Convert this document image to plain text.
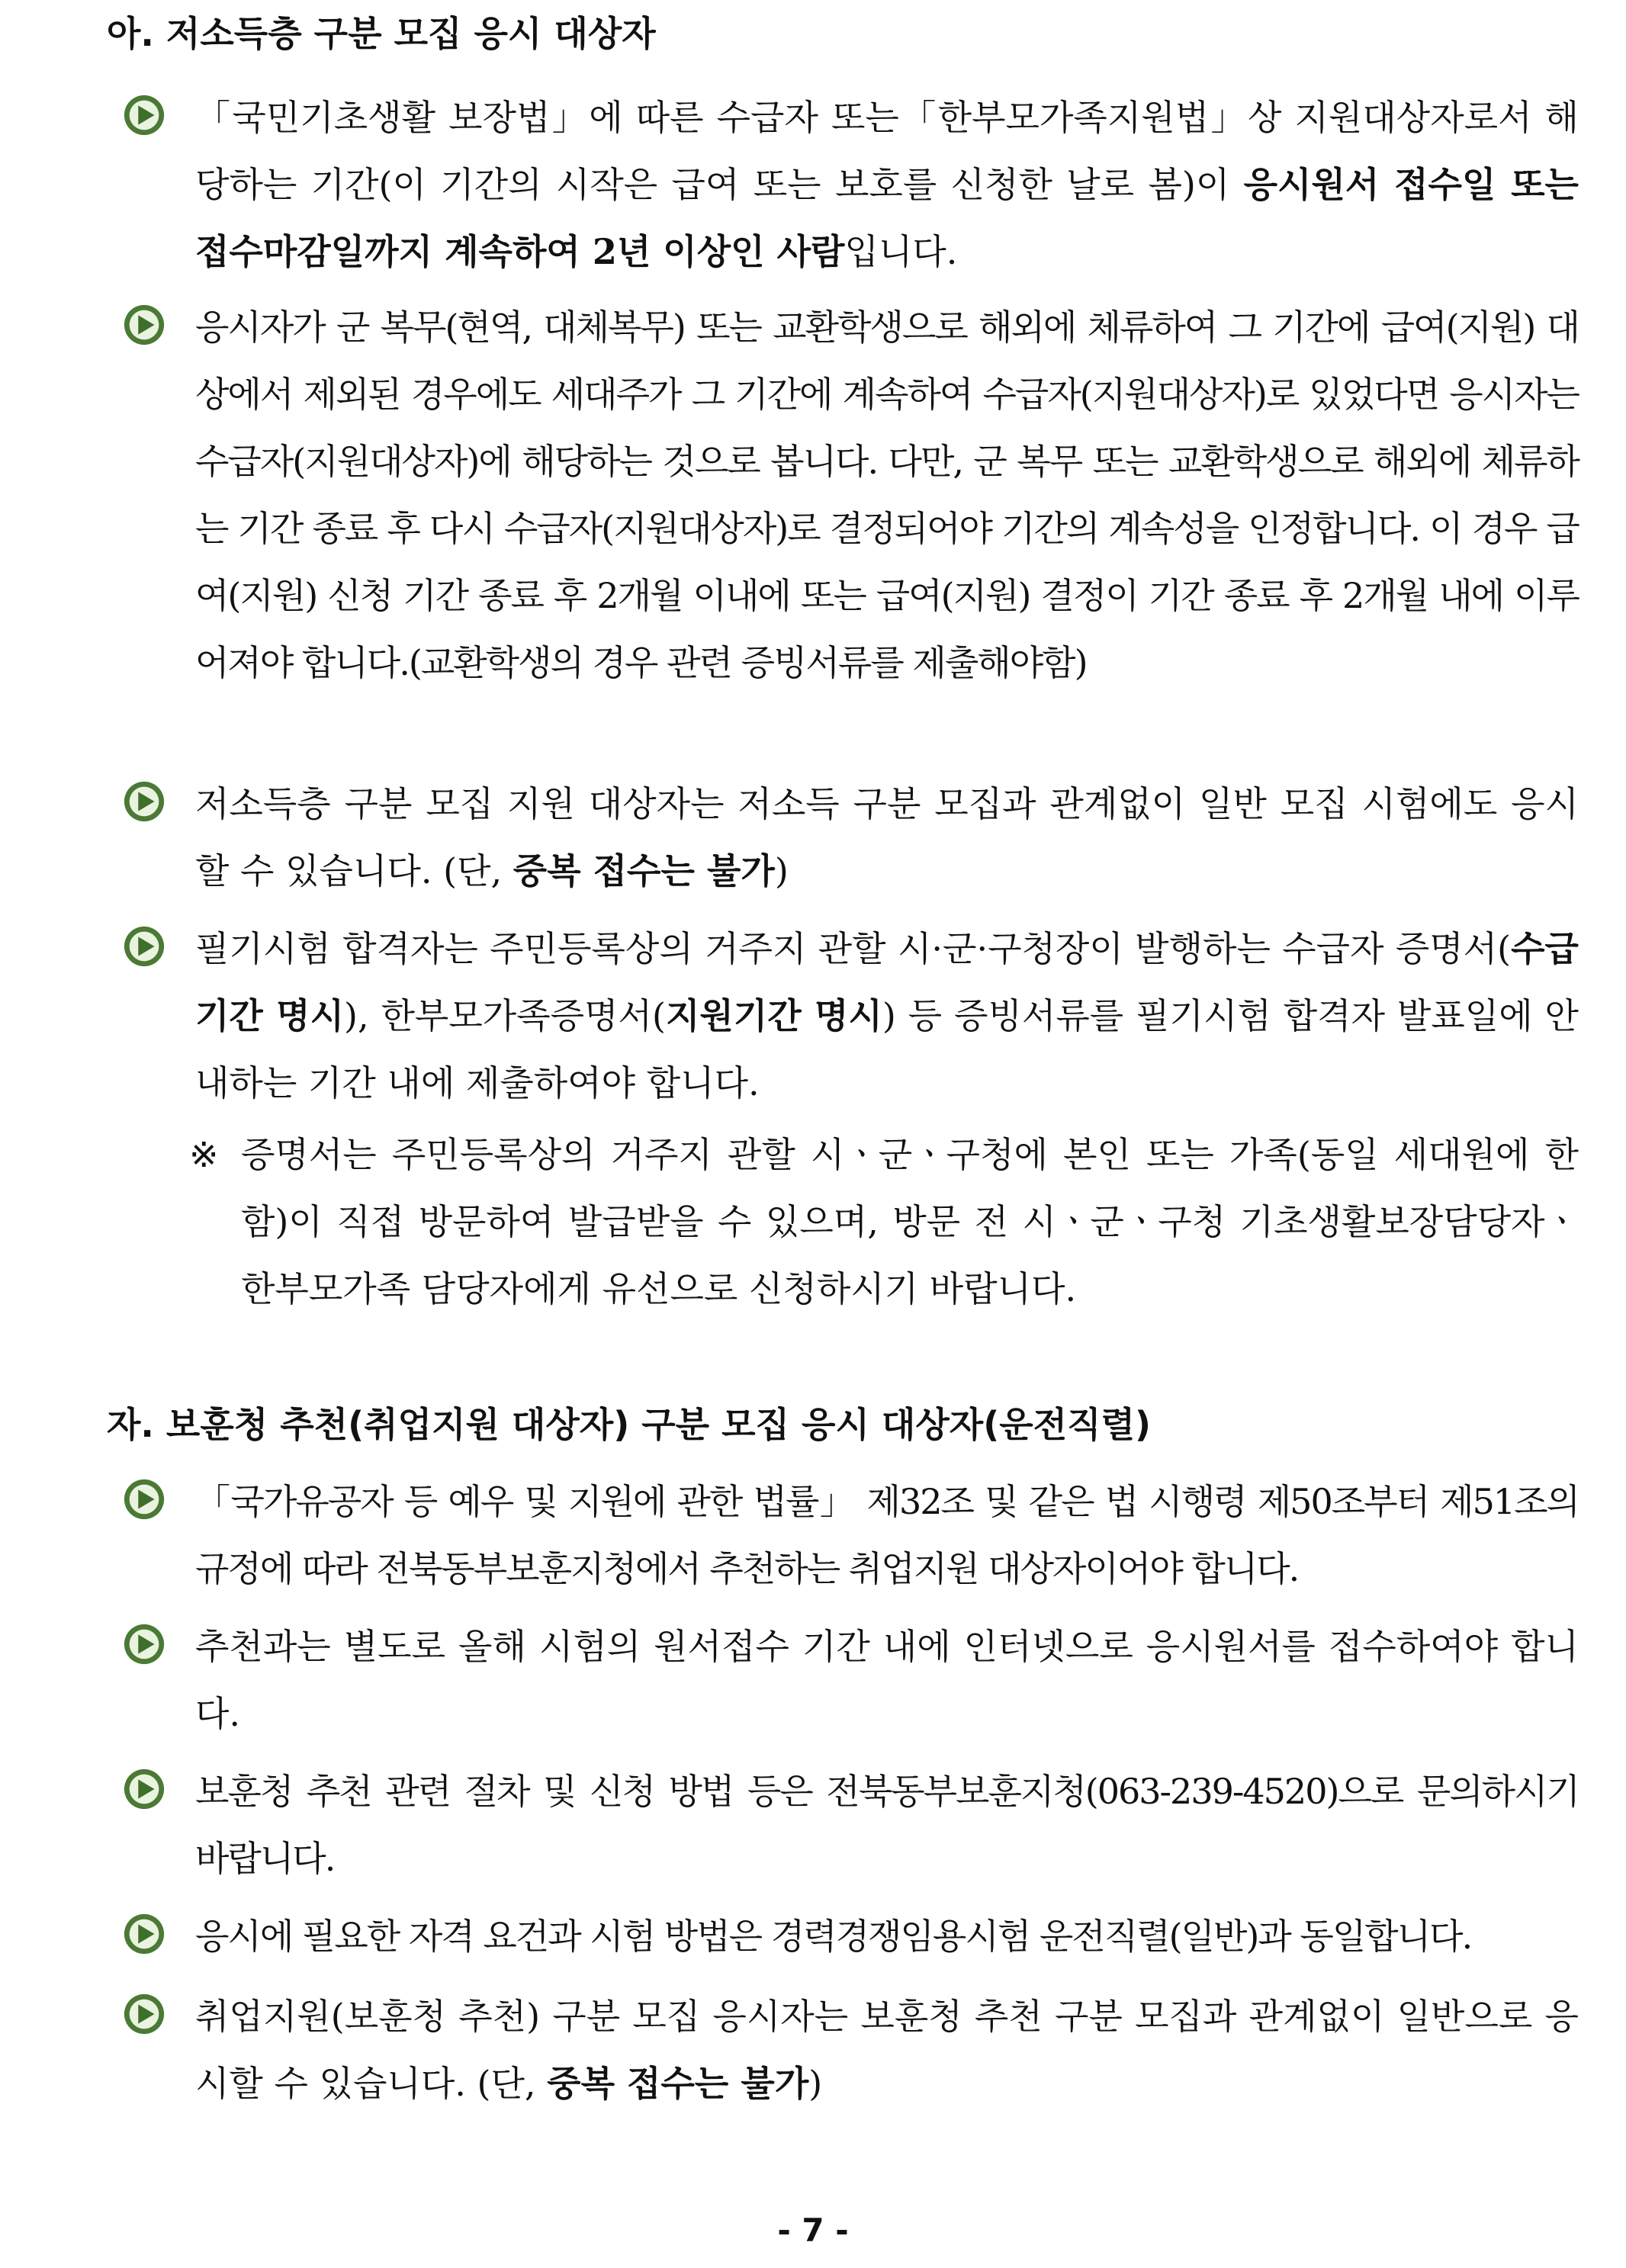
아. 저소득층 구분 모집 응시 대상자
「국민기초생활 보장법」에 따른 수급자 또는「한부모가족지원법」상 지원대상자로서 해당하는 기간(이 기간의 시작은 급여 또는 보호를 신청한 날로 봄)이 응시원서 접수일 또는 접수마감일까지 계속하여 2년 이상인 사람입니다.
응시자가 군 복무(현역, 대체복무) 또는 교환학생으로 해외에 체류하여 그 기간에 급여(지원) 대상에서 제외된 경우에도 세대주가 그 기간에 계속하여 수급자(지원대상자)로 있었다면 응시자는 수급자(지원대상자)에 해당하는 것으로 봅니다. 다만, 군 복무 또는 교환학생으로 해외에 체류하는 기간 종료 후 다시 수급자(지원대상자)로 결정되어야 기간의 계속성을 인정합니다. 이 경우 급여(지원) 신청 기간 종료 후 2개월 이내에 또는 급여(지원) 결정이 기간 종료 후 2개월 내에 이루어져야 합니다.(교환학생의 경우 관련 증빙서류를 제출해야함)
저소득층 구분 모집 지원 대상자는 저소득 구분 모집과 관계없이 일반 모집 시험에도 응시할 수 있습니다. (단, 중복 접수는 불가)
필기시험 합격자는 주민등록상의 거주지 관할 시·군·구청장이 발행하는 수급자 증명서(수급기간 명시), 한부모가족증명서(지원기간 명시) 등 증빙서류를 필기시험 합격자 발표일에 안내하는 기간 내에 제출하여야 합니다.
※ 증명서는 주민등록상의 거주지 관할 시ㆍ군ㆍ구청에 본인 또는 가족(동일 세대원에 한함)이 직접 방문하여 발급받을 수 있으며, 방문 전 시ㆍ군ㆍ구청 기초생활보장담당자ㆍ한부모가족 담당자에게 유선으로 신청하시기 바랍니다.
자. 보훈청 추천(취업지원 대상자) 구분 모집 응시 대상자(운전직렬)
「국가유공자 등 예우 및 지원에 관한 법률」 제32조 및 같은 법 시행령 제50조부터 제51조의 규정에 따라 전북동부보훈지청에서 추천하는 취업지원 대상자이어야 합니다.
추천과는 별도로 올해 시험의 원서접수 기간 내에 인터넷으로 응시원서를 접수하여야 합니다.
보훈청 추천 관련 절차 및 신청 방법 등은 전북동부보훈지청(063-239-4520)으로 문의하시기 바랍니다.
응시에 필요한 자격 요건과 시험 방법은 경력경쟁임용시험 운전직렬(일반)과 동일합니다.
취업지원(보훈청 추천) 구분 모집 응시자는 보훈청 추천 구분 모집과 관계없이 일반으로 응시할 수 있습니다. (단, 중복 접수는 불가)
- 7 -
